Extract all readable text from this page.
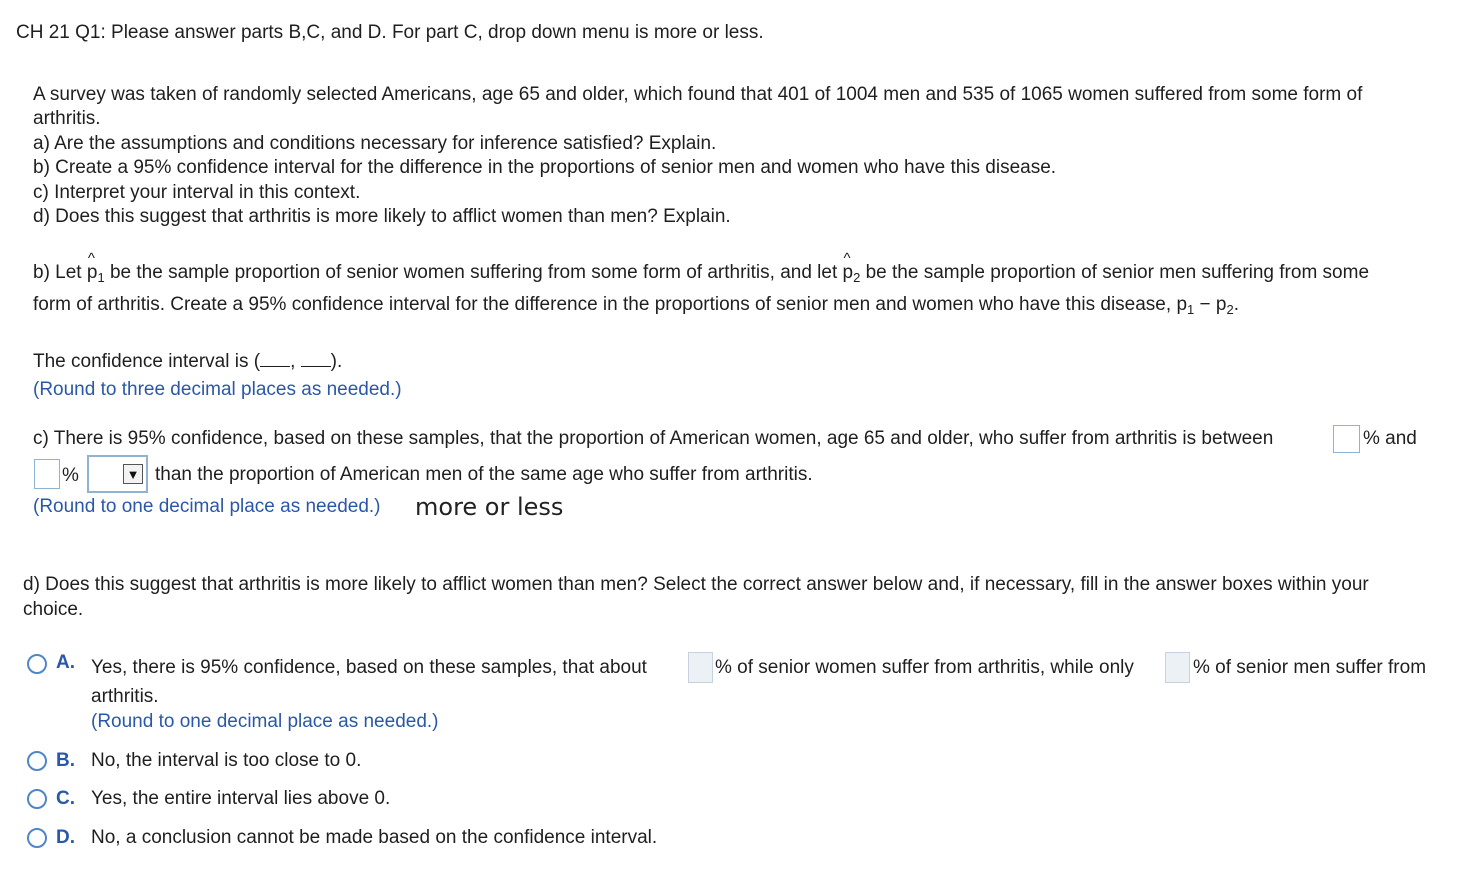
CH 21 Q1: Please answer parts B,C, and D. For part C, drop down menu is more or less.
A survey was taken of randomly selected Americans, age 65 and older, which found that 401 of 1004 men and 535 of 1065 women suffered from some form of
arthritis.
a) Are the assumptions and conditions necessary for inference satisfied? Explain.
b) Create a 95% confidence interval for the difference in the proportions of senior men and women who have this disease.
c) Interpret your interval in this context.
d) Does this suggest that arthritis is more likely to afflict women than men? Explain.
b) Let
^
$p_1$ be the sample proportion of senior women suffering from some form of arthritis, and let
^
$p_2$ be the sample proportion of senior men suffering from some
form of arthritis. Create a 95% confidence interval for the difference in the proportions of senior men and women who have this disease, $p_1 - p_2$.
The confidence interval is ( , ).
(Round to three decimal places as needed.)
c) There is 95% confidence, based on these samples, that the proportion of American women, age 65 and older, who suffer from arthritis is between	% and
%	▼ than the proportion of American men of the same age who suffer from arthritis.
(Round to one decimal place as needed.) more or less
d) Does this suggest that arthritis is more likely to afflict women than men? Select the correct answer below and, if necessary, fill in the answer boxes within your
choice.
A. Yes, there is 95% confidence, based on these samples, that about	% of senior women suffer from arthritis, while only	% of senior men suffer from
arthritis.
(Round to one decimal place as needed.)
B. No, the interval is too close to 0.
C. Yes, the entire interval lies above 0.
D. No, a conclusion cannot be made based on the confidence interval.
